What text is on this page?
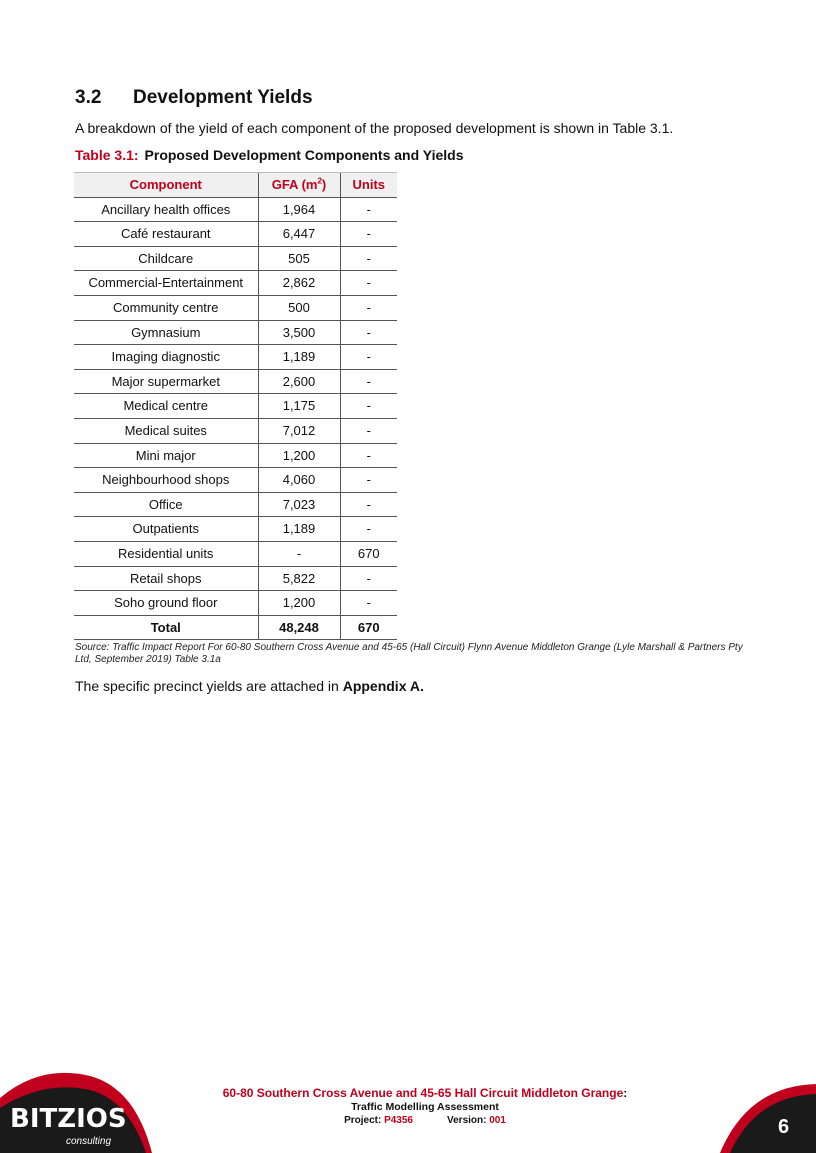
3.2 Development Yields

A breakdown of the yield of each component of the proposed development is shown in Table 3.1.

Table 3.1: Proposed Development Components and Yields

Component	GFA $(m^2)$	Units
Ancillary health offices	1,964	-
Café restaurant	6,447	-
Childcare	505	-
Commercial-Entertainment	2,862	-
Community centre	500	-
Gymnasium	3,500	-
Imaging diagnostic	1,189	-
Major supermarket	2,600	-
Medical centre	1,175	-
Medical suites	7,012	-
Mini major	1,200	-
Neighbourhood shops	4,060	-
Office	7,023	-
Outpatients	1,189	-
Residential units	-	670
Retail shops	5,822	-
Soho ground floor	1,200	-
Total	48,248	670

Source: Traffic Impact Report For 60-80 Southern Cross Avenue and 45-65 (Hall Circuit) Flynn Avenue Middleton Grange (Lyle Marshall & Partners Pty Ltd, September 2019) Table 3.1a

The specific precinct yields are attached in Appendix A.

BITZIOS
consulting

60-80 Southern Cross Avenue and 45-65 Hall Circuit Middleton Grange:

Traffic Modelling Assessment

Project: P4356	Version: 001	6
